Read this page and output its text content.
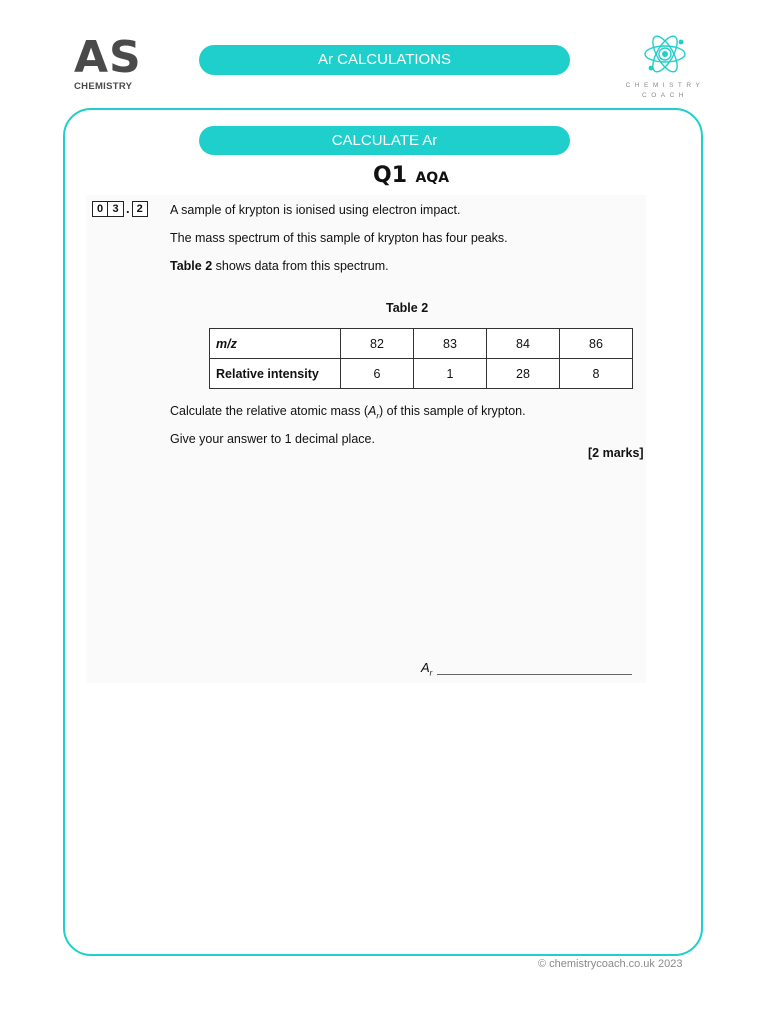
AS
CHEMISTRY
Ar CALCULATIONS
CHEMISTRY
COACH
CALCULATE Ar
Q1 AQA
0 3 . 2	A sample of krypton is ionised using electron impact.
The mass spectrum of this sample of krypton has four peaks.
Table 2 shows data from this spectrum.
Table 2
m/z	82	83	84	86
Relative intensity	6	1	28	8
Calculate the relative atomic mass $(A_r)$ of this sample of krypton.
Give your answer to 1 decimal place.
[2 marks]
$A_r$
© chemistrycoach.co.uk 2023
